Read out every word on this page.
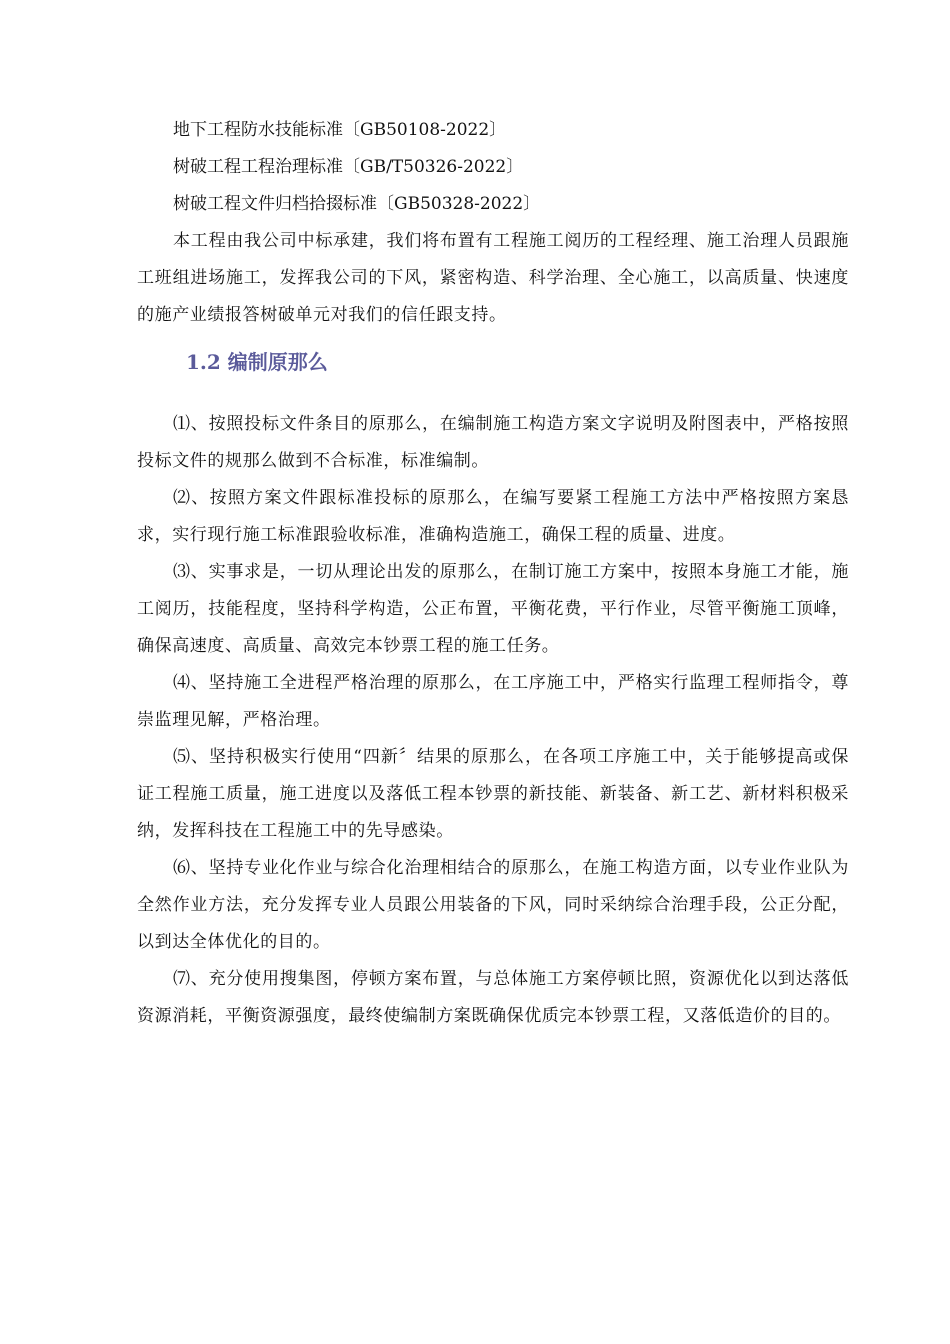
地下工程防水技能标准〔GB50108-2022〕

树破工程工程治理标准〔GB/T50326-2022〕

树破工程文件归档拾掇标准〔GB50328-2022〕

本工程由我公司中标承建，我们将布置有工程施工阅历的工程经理、施工治理人员跟施工班组进场施工，发挥我公司的下风，紧密构造、科学治理、全心施工，以高质量、快速度的施产业绩报答树破单元对我们的信任跟支持。

1.2 编制原那么

⑴、按照投标文件条目的原那么，在编制施工构造方案文字说明及附图表中，严格按照投标文件的规那么做到不合标准，标准编制。

⑵、按照方案文件跟标准投标的原那么，在编写要紧工程施工方法中严格按照方案恳求，实行现行施工标准跟验收标准，准确构造施工，确保工程的质量、进度。

⑶、实事求是，一切从理论出发的原那么，在制订施工方案中，按照本身施工才能，施工阅历，技能程度，坚持科学构造，公正布置，平衡花费，平行作业，尽管平衡施工顶峰，确保高速度、高质量、高效完本钞票工程的施工任务。

⑷、坚持施工全进程严格治理的原那么，在工序施工中，严格实行监理工程师指令，尊崇监理见解，严格治理。

⑸、坚持积极实行使用“四新〞结果的原那么，在各项工序施工中，关于能够提高或保证工程施工质量，施工进度以及落低工程本钞票的新技能、新装备、新工艺、新材料积极采纳，发挥科技在工程施工中的先导感染。

⑹、坚持专业化作业与综合化治理相结合的原那么，在施工构造方面，以专业作业队为全然作业方法，充分发挥专业人员跟公用装备的下风，同时采纳综合治理手段，公正分配，以到达全体优化的目的。

⑺、充分使用搜集图，停顿方案布置，与总体施工方案停顿比照，资源优化以到达落低资源消耗，平衡资源强度，最终使编制方案既确保优质完本钞票工程，又落低造价的目的。
